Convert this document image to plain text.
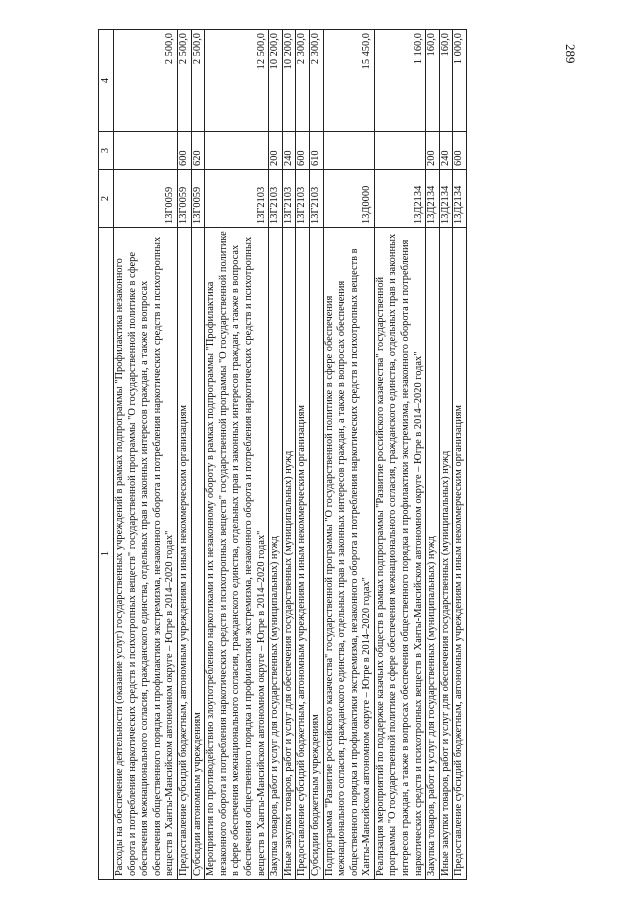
289
1	2	3	4
Расходы на обеспечение деятельности (оказание услуг) государственных учреждений в рамках подпрограммы "Профилактика незаконного оборота и потребления наркотических средств и психотропных веществ" государственной программы "О государственной политике в сфере обеспечения межнационального согласия, гражданского единства, отдельных прав и законных интересов граждан, а также в вопросах обеспечения общественного порядка и профилактики экстремизма, незаконного оборота и потребления наркотических средств и психотропных веществ в Ханты-Мансийском автономном округе – Югре в 2014–2020 годах"	13Г0059		2 500,0
Предоставление субсидий бюджетным, автономным учреждениям и иным некоммерческим организациям	13Г0059	600	2 500,0
Субсидии автономным учреждениям	13Г0059	620	2 500,0
Мероприятия по противодействию злоупотреблению наркотиками и их незаконному обороту в рамках подпрограммы "Профилактика незаконного оборота и потребления наркотических средств и психотропных веществ" государственной программы "О государственной политике в сфере обеспечения межнационального согласия, гражданского единства, отдельных прав и законных интересов граждан, а также в вопросах обеспечения общественного порядка и профилактики экстремизма, незаконного оборота и потребления наркотических средств и психотропных веществ в Ханты-Мансийском автономном округе – Югре в 2014–2020 годах"	13Г2103		12 500,0
Закупка товаров, работ и услуг для государственных (муниципальных) нужд	13Г2103	200	10 200,0
Иные закупки товаров, работ и услуг для обеспечения государственных (муниципальных) нужд	13Г2103	240	10 200,0
Предоставление субсидий бюджетным, автономным учреждениям и иным некоммерческим организациям	13Г2103	600	2 300,0
Субсидии бюджетным учреждениям	13Г2103	610	2 300,0
Подпрограмма "Развитие российского казачества" государственной программы "О государственной политике в сфере обеспечения межнационального согласия, гражданского единства, отдельных прав и законных интересов граждан, а также в вопросах обеспечения общественного порядка и профилактики экстремизма, незаконного оборота и потребления наркотических средств и психотропных веществ в Ханты-Мансийском автономном округе – Югре в 2014–2020 годах"	13Д0000		15 450,0
Реализация мероприятий по поддержке казачьих обществ в рамках подпрограммы "Развитие российского казачества" государственной программы "О государственной политике в сфере обеспечения межнационального согласия, гражданского единства, отдельных прав и законных интересов граждан, а также в вопросах обеспечения общественного порядка и профилактики экстремизма, незаконного оборота и потребления наркотических средств и психотропных веществ в Ханты-Мансийском автономном округе – Югре в 2014–2020 годах"	13Д2134		1 160,0
Закупка товаров, работ и услуг для государственных (муниципальных) нужд	13Д2134	200	160,0
Иные закупки товаров, работ и услуг для обеспечения государственных (муниципальных) нужд	13Д2134	240	160,0
Предоставление субсидий бюджетным, автономным учреждениям и иным некоммерческим организациям	13Д2134	600	1 000,0
